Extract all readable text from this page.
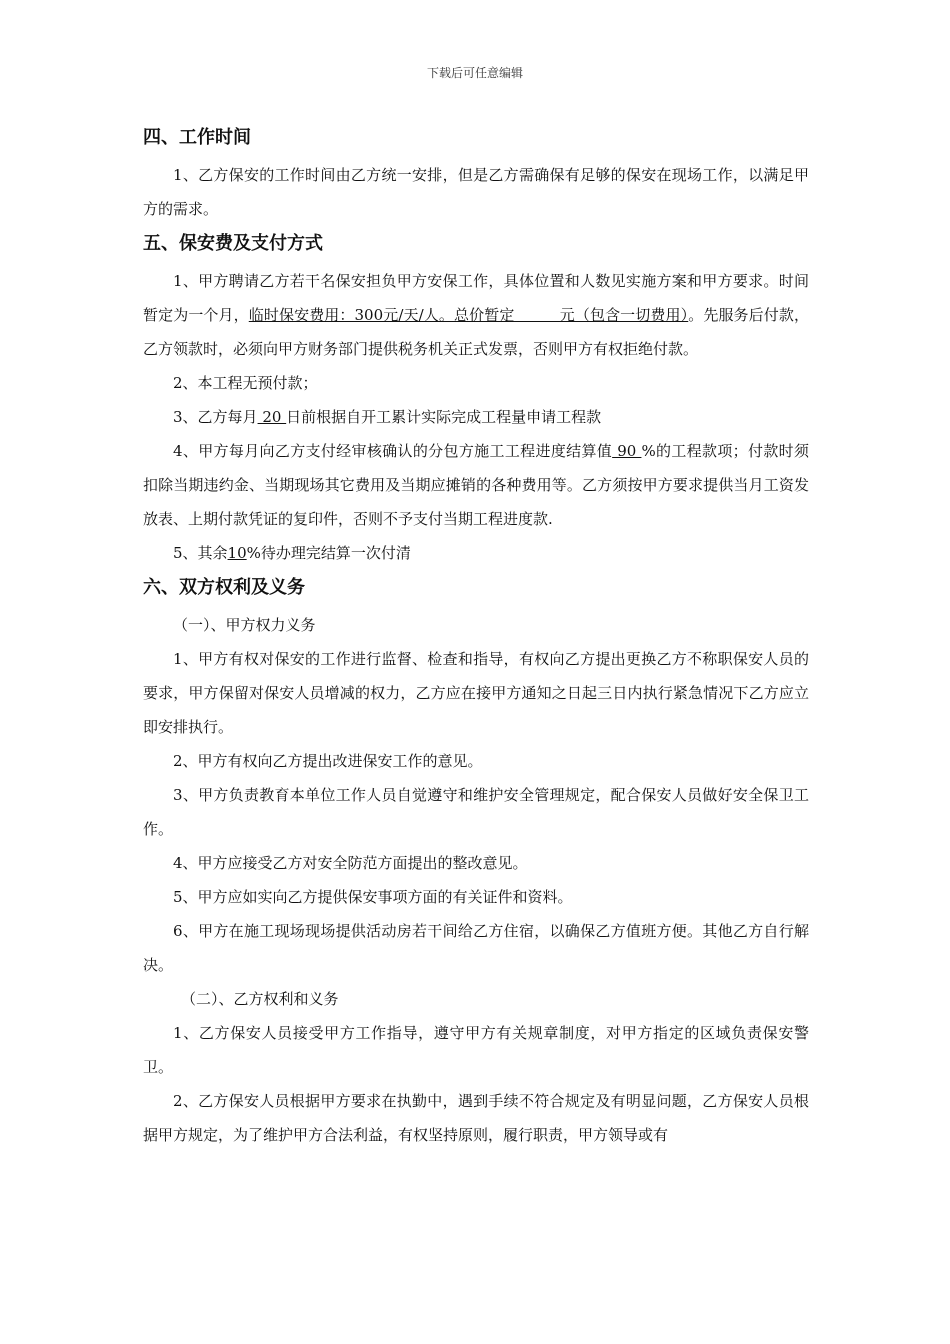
下载后可任意编辑
四、工作时间

1、乙方保安的工作时间由乙方统一安排，但是乙方需确保有足够的保安在现场工作，以满足甲方的需求。

五、保安费及支付方式

1、甲方聘请乙方若干名保安担负甲方安保工作，具体位置和人数见实施方案和甲方要求。时间暂定为一个月，临时保安费用：300元/天/人。总价暂定　　　元（包含一切费用）。先服务后付款，乙方领款时，必须向甲方财务部门提供税务机关正式发票，否则甲方有权拒绝付款。

2、本工程无预付款；

3、乙方每月 20 日前根据自开工累计实际完成工程量申请工程款

4、甲方每月向乙方支付经审核确认的分包方施工工程进度结算值 90 %的工程款项；付款时须扣除当期违约金、当期现场其它费用及当期应摊销的各种费用等。乙方须按甲方要求提供当月工资发放表、上期付款凭证的复印件，否则不予支付当期工程进度款.

5、其余10%待办理完结算一次付清

六、双方权利及义务

（一）、甲方权力义务

1、甲方有权对保安的工作进行监督、检查和指导，有权向乙方提出更换乙方不称职保安人员的要求，甲方保留对保安人员增减的权力，乙方应在接甲方通知之日起三日内执行紧急情况下乙方应立即安排执行。

2、甲方有权向乙方提出改进保安工作的意见。

3、甲方负责教育本单位工作人员自觉遵守和维护安全管理规定，配合保安人员做好安全保卫工作。

4、甲方应接受乙方对安全防范方面提出的整改意见。

5、甲方应如实向乙方提供保安事项方面的有关证件和资料。

6、甲方在施工现场现场提供活动房若干间给乙方住宿，以确保乙方值班方便。其他乙方自行解决。

（二）、乙方权利和义务

1、乙方保安人员接受甲方工作指导，遵守甲方有关规章制度，对甲方指定的区域负责保安警卫。

2、乙方保安人员根据甲方要求在执勤中，遇到手续不符合规定及有明显问题，乙方保安人员根据甲方规定，为了维护甲方合法利益，有权坚持原则，履行职责，甲方领导或有
